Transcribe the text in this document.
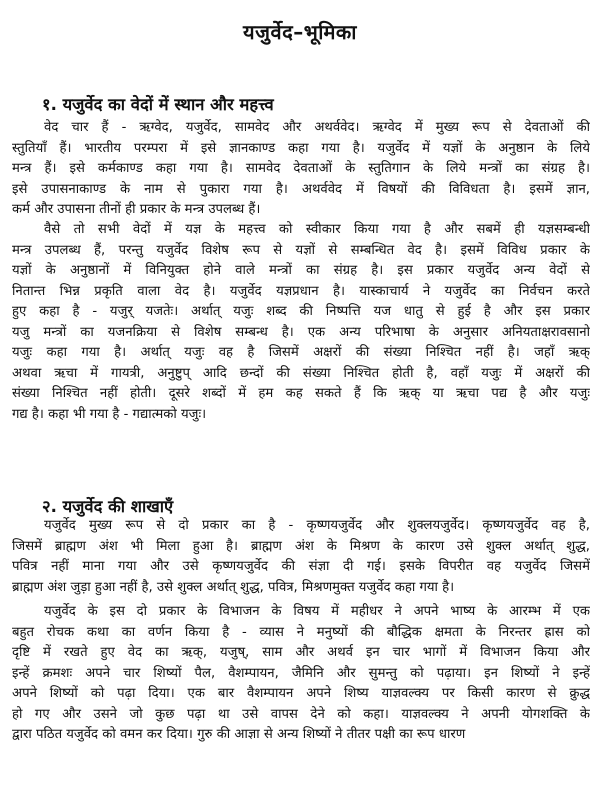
यजुर्वेद–भूमिका
१. यजुर्वेद का वेदों में स्थान और महत्त्व
वेद चार हैं - ऋग्वेद, यजुर्वेद, सामवेद और अथर्ववेद। ऋग्वेद में मुख्य रूप से देवताओं की
स्तुतियाँ हैं। भारतीय परम्परा में इसे ज्ञानकाण्ड कहा गया है। यजुर्वेद में यज्ञों के अनुष्ठान के लिये
मन्त्र हैं। इसे कर्मकाण्ड कहा गया है। सामवेद देवताओं के स्तुतिगान के लिये मन्त्रों का संग्रह है।
इसे उपासनाकाण्ड के नाम से पुकारा गया है। अथर्ववेद में विषयों की विविधता है। इसमें ज्ञान,
कर्म और उपासना तीनों ही प्रकार के मन्त्र उपलब्ध हैं।
वैसे तो सभी वेदों में यज्ञ के महत्त्व को स्वीकार किया गया है और सबमें ही यज्ञसम्बन्धी
मन्त्र उपलब्ध हैं, परन्तु यजुर्वेद विशेष रूप से यज्ञों से सम्बन्धित वेद है। इसमें विविध प्रकार के
यज्ञों के अनुष्ठानों में विनियुक्त होने वाले मन्त्रों का संग्रह है। इस प्रकार यजुर्वेद अन्य वेदों से
नितान्त भिन्न प्रकृति वाला वेद है। यजुर्वेद यज्ञप्रधान है। यास्काचार्य ने यजुर्वेद का निर्वचन करते
हुए कहा है - यजुर् यजतेः। अर्थात् यजुः शब्द की निष्पत्ति यज धातु से हुई है और इस प्रकार
यजु मन्त्रों का यजनक्रिया से विशेष सम्बन्ध है। एक अन्य परिभाषा के अनुसार अनियताक्षरावसानो
यजुः कहा गया है। अर्थात् यजुः वह है जिसमें अक्षरों की संख्या निश्चित नहीं है। जहाँ ऋक्
अथवा ऋचा में गायत्री, अनुष्टुप् आदि छन्दों की संख्या निश्चित होती है, वहाँ यजुः में अक्षरों की
संख्या निश्चित नहीं होती। दूसरे शब्दों में हम कह सकते हैं कि ऋक् या ऋचा पद्य है और यजुः
गद्य है। कहा भी गया है - गद्यात्मको यजुः।
२. यजुर्वेद की शाखाएँ
यजुर्वेद मुख्य रूप से दो प्रकार का है - कृष्णयजुर्वेद और शुक्लयजुर्वेद। कृष्णयजुर्वेद वह है,
जिसमें ब्राह्मण अंश भी मिला हुआ है। ब्राह्मण अंश के मिश्रण के कारण उसे शुक्ल अर्थात् शुद्ध,
पवित्र नहीं माना गया और उसे कृष्णयजुर्वेद की संज्ञा दी गई। इसके विपरीत वह यजुर्वेद जिसमें
ब्राह्मण अंश जुड़ा हुआ नहीं है, उसे शुक्ल अर्थात् शुद्ध, पवित्र, मिश्रणमुक्त यजुर्वेद कहा गया है।
यजुर्वेद के इस दो प्रकार के विभाजन के विषय में महीधर ने अपने भाष्य के आरम्भ में एक
बहुत रोचक कथा का वर्णन किया है - व्यास ने मनुष्यों की बौद्धिक क्षमता के निरन्तर ह्रास को
दृष्टि में रखते हुए वेद का ऋक्, यजुष्, साम और अथर्व इन चार भागों में विभाजन किया और
इन्हें क्रमशः अपने चार शिष्यों पैल, वैशम्पायन, जैमिनि और सुमन्तु को पढ़ाया। इन शिष्यों ने इन्हें
अपने शिष्यों को पढ़ा दिया। एक बार वैशम्पायन अपने शिष्य याज्ञवल्क्य पर किसी कारण से क्रुद्ध
हो गए और उसने जो कुछ पढ़ा था उसे वापस देने को कहा। याज्ञवल्क्य ने अपनी योगशक्ति के
द्वारा पठित यजुर्वेद को वमन कर दिया। गुरु की आज्ञा से अन्य शिष्यों ने तीतर पक्षी का रूप धारण
